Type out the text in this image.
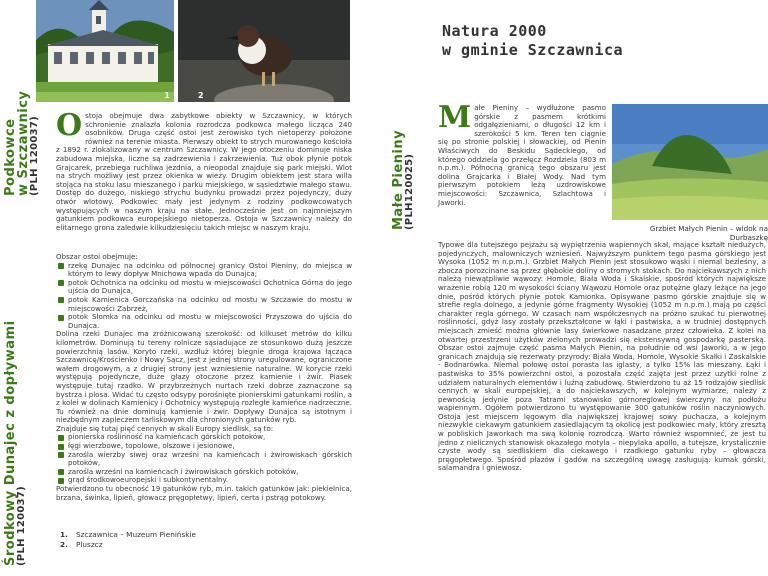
Podkowce
w Szczawnicy
(PLH 120037)
Środkowy Dunajec z dopływami
(PLH 120037)
1	2
O stoja obejmuje dwa zabytkowe obiekty w Szczawnicy, w których schronienie znalazła kolonia rozrodcza podkowca małego licząca 240 osobników. Druga część ostoi jest żerowisko tych nietoperzy położone również na terenie miasta. Pierwszy obiekt to strych murowanego kościoła z 1892 r. zlokalizowany w centrum Szczawnicy. W jego otoczeniu dominuje niska zabudowa miejska, liczne są zadrzewienia i zakrzewienia. Tuż obok płynie potok Grajcarek, przebiega ruchliwa jezdnia, a nieopodal znajduje się park miejski. Wlot na strych możliwy jest przez okienka w wieży. Drugim obiektem jest stara willa stojąca na stoku lasu mieszanego i parku miejskiego, w sąsiedztwie małego stawu. Dostęp do dużego, niskiego strychu budynku prowadzi przez pojedynczy, duży otwór wlotowy. Podkowiec mały jest jedynym z rodziny podkowcowatych występujących w naszym kraju na stałe. Jednocześnie jest on najmniejszym gatunkiem podkowca europejskiego nietoperza. Ostoja w Szczawnicy należy do elitarnego grona zaledwie kilkudziesięciu takich miejsc w naszym kraju.
Obszar ostoi obejmuje:
rzekę Dunajec na odcinku od północnej granicy Ostoi Pieniny, do miejsca w którym to lewy dopływ Mnichowa wpada do Dunajca;
potok Ochotnica na odcinku od mostu w miejscowości Ochotnica Górna do jego ujścia do Dunajca,
potok Kamienica Gorczańska na odcinku od mostu w Szczawie do mostu w miejscowości Zabrzeż,
potok Słomka na odcinku od mostu w miejscowości Przyszowa do ujścia do Dunajca.
Dolina rzeki Dunajec ma zróżnicowaną szerokość: od kilkuset metrów do kilku kilometrów. Dominują tu tereny rolnicze sąsiadujące ze stosunkowo dużą jeszcze powierzchnią lasów. Koryto rzeki, wzdłuż której biegnie droga krajowa łącząca Szczawnicę/Krościenko i Nowy Sącz, jest z jednej strony uregulowane, ograniczone wałem drogowym, a z drugiej strony jest wzniesienie naturalne. W korycie rzeki występują pojedyncze, duże głazy otoczone przez kamienie i żwir. Piasek występuje tutaj rzadko. W przybrzeżnych nurtach rzeki dobrze zaznaczone są bystrza i plosa. Widać tu często odsypy porośnięte pionierskimi gatunkami roślin, a z kolei w dolinach Kamienicy i Ochotnicy występują rozległe kamieńce nadrzeczne. Tu również na dnie dominują kamienie i żwir. Dopływy Dunajca są istotnym i niezbędnym zapleczem tarliskowym dla chronionych gatunków ryb.
Znajduje się tutaj pięć cennych w skali Europy siedlisk, są to:
pionierska roślinność na kamieńcach górskich potoków,
łęgi wierzbowe, topolowe, olszowe i jesionowe,
zarośla wierzby siwej oraz wrześni na kamieńcach i żwirowiskach górskich potoków,
zarośla wrześni na kamieńcach i żwirowiskach górskich potoków,
grąd środkowoeuropejski i subkontynentalny.
Potwierdzono tu obecność 19 gatunków ryb, m.in. takich gatunków jak: piekielnica, brzana, świnka, lipień, głowacz pręgopłetwy, lipień, certa i pstrąg potokowy.
1. Szczawnica – Muzeum Pienińskie
2. Pluszcz
Małe Pieniny
(PLH120025)
Natura 2000
w gminie Szczawnica
Grzbiet Małych Pienin – widok na Durbaszkę
M ałe Pieniny – wydłużone pasmo górskie z pasmem krótkimi odgałęzieniami, o długości 12 km i szerokości 5 km. Teren ten ciągnie się po stronie polskiej i słowackiej, od Pienin Właściwych do Beskidu Sądeckiego, od którego oddziela go przełęcz Rozdziela (803 m n.p.m.). Północną granicą tego obszaru jest dolina Grajcarka i Białej Wody. Nad tym pierwszym potokiem leżą uzdrowiskowe miejscowości: Szczawnica, Szlachtowa i Jaworki.
Typowe dla tutejszego pejzażu są wypiętrzenia wapiennych skał, mające kształt niedużych, pojedynczych, malowniczych wzniesień. Najwyższym punktem tego pasma górskiego jest Wysoka (1052 m n.p.m.). Grzbiet Małych Pienin jest stosukowo wąski i niemal bezleśny, a zbocza porozcinane są przez głębokie doliny o stromych stokach. Do najciekawszych z nich należą niewątpliwie wąwozy: Homole, Biała Woda i Skalskie, spośród których największe wrażenie robią 120 m wysokości ściany Wąwozu Homole oraz potężne głazy leżące na jego dnie, pośród których płynie potok Kamionka. Opisywane pasmo górskie znajduje się w strefie regla dolnego, a jedynie górne fragmenty Wysokiej (1052 m n.p.m.) mają po części charakter regla górnego. W czasach nam współczesnych na próżno szukać tu pierwotnej roślinności, gdyż lasy zostały przekształcone w łąki i pastwiska, a w trudniej dostępnych miejscach zmieść można głównie lasy świerkowe nasadzane przez człowieka. Z kolei na otwartej przestrzeni użytków zielonych prowadzi się ekstensywną gospodarkę pasterską. Obszar ostoi zajmuje część pasma Małych Pienin, na południe od wsi Jaworki, a w jego granicach znajdują się rezerwaty przyrody: Biała Woda, Homole, Wysokie Skałki i Zaskalskie - Bodnarówka. Niemal połowę ostoi porasta las iglasty, a tylko 15% las mieszany. Łąki i pastwiska to 35% powierzchni ostoi, a pozostała część zajęta jest przez uzytki rolne z udziałem naturalnych elementów i luźną zabudowę. Stwierdzono tu aż 15 rodzajów siedlisk cennych w skali europejskiej, a do najciekawszych, w kolejnym wymiarze, należy z pewnością jedynie poza Tatrami stanowisko górnoreglowej świerczyny na podłożu wapiennym. Ogółem potwierdzono tu występowanie 300 gatunków roślin naczyniowych. Ostoja jest miejscem lęgowym dla największej krajowej sowy puchacza, a kolejnym niezwykle ciekawym gatunkiem zasiedlającym tą okolicę jest podkowiec mały, który zresztą w pobliskich Jaworkach ma swą kolonię rozrodczą. Warto również wspomnieć, że jest tu jedno z nielicznych stanowisk okazałego motyla – niepylaka apollo, a tutejsze, krystalicznie czyste wody są siedliskiem dla ciekawego i rzadkiego gatunku ryby – głowacza pręgopłetwego. Spośród płazów i gadów na szczególną uwagę zasługują: kumak górski, salamandra i gniewosz.
